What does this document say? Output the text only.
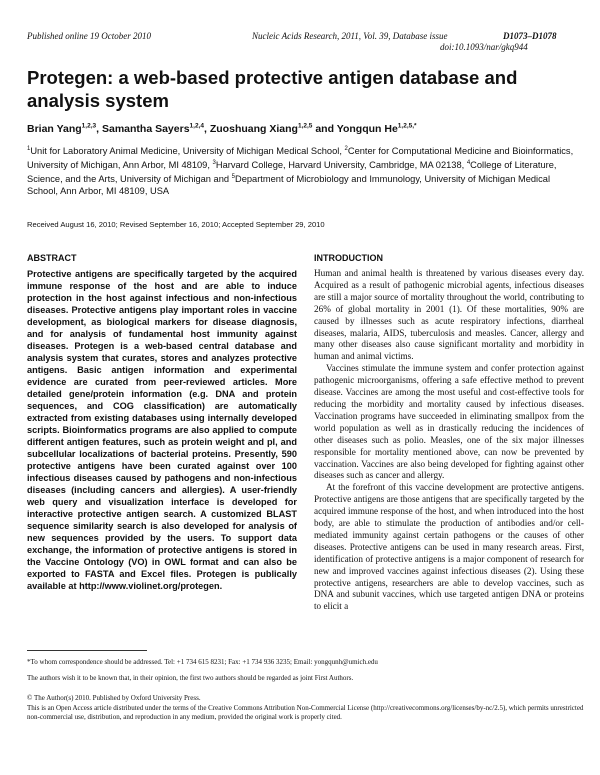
Published online 19 October 2010	Nucleic Acids Research, 2011, Vol. 39, Database issue	D1073–D1078
doi:10.1093/nar/gkq944
Protegen: a web-based protective antigen database and analysis system
Brian Yang$^{1,2,3}$, Samantha Sayers$^{1,2,4}$, Zuoshuang Xiang$^{1,2,5}$ and Yongqun $He^{1,2,5,*}$
$^1$Unit for Laboratory Animal Medicine, University of Michigan Medical School, $^2$Center for Computational Medicine and Bioinformatics, University of Michigan, Ann Arbor, MI 48109, $^3$Harvard College, Harvard University, Cambridge, MA 02138, $^4$College of Literature, Science, and the Arts, University of Michigan and $^5$Department of Microbiology and Immunology, University of Michigan Medical School, Ann Arbor, MI 48109, USA
Received August 16, 2010; Revised September 16, 2010; Accepted September 29, 2010
ABSTRACT
Protective antigens are specifically targeted by the acquired immune response of the host and are able to induce protection in the host against infectious and non-infectious diseases. Protective antigens play important roles in vaccine development, as biological markers for disease diagnosis, and for analysis of fundamental host immunity against diseases. Protegen is a web-based central database and analysis system that curates, stores and analyzes protective antigens. Basic antigen information and experimental evidence are curated from peer-reviewed articles. More detailed gene/protein information (e.g. DNA and protein sequences, and COG classification) are automatically extracted from existing databases using internally developed scripts. Bioinformatics programs are also applied to compute different antigen features, such as protein weight and pI, and subcellular localizations of bacterial proteins. Presently, 590 protective antigens have been curated against over 100 infectious diseases caused by pathogens and non-infectious diseases (including cancers and allergies). A user-friendly web query and visualization interface is developed for interactive protective antigen search. A customized BLAST sequence similarity search is also developed for analysis of new sequences provided by the users. To support data exchange, the information of protective antigens is stored in the Vaccine Ontology (VO) in OWL format and can also be exported to FASTA and Excel files. Protegen is publically available at http://www.violinet.org/protegen.
INTRODUCTION

Human and animal health is threatened by various diseases every day. Acquired as a result of pathogenic microbial agents, infectious diseases are still a major source of mortality throughout the world, contributing to 26% of global mortality in 2001 (1). Of these mortalities, 90% are caused by illnesses such as acute respiratory infections, diarrheal diseases, malaria, AIDS, tuberculosis and measles. Cancer, allergy and many other diseases also cause significant mortality and morbidity in human and animal victims.

Vaccines stimulate the immune system and confer protection against pathogenic microorganisms, offering a safe effective method to prevent disease. Vaccines are among the most useful and cost-effective tools for reducing the morbidity and mortality caused by infectious diseases. Vaccination programs have succeeded in eliminating smallpox from the world population as well as in drastically reducing the incidences of other diseases such as polio. Measles, one of the six major illnesses responsible for mortality mentioned above, can now be prevented by vaccination. Vaccines are also being developed for fighting against other diseases such as cancer and allergy.

At the forefront of this vaccine development are protective antigens. Protective antigens are those antigens that are specifically targeted by the acquired immune response of the host, and when introduced into the host body, are able to stimulate the production of antibodies and/or cell-mediated immunity against certain pathogens or the causes of other diseases. Protective antigens can be used in many research areas. First, identification of protective antigens is a major component of research for new and improved vaccines against infectious diseases (2). Using these protective antigens, researchers are able to develop vaccines, such as DNA and subunit vaccines, which use targeted antigen DNA or proteins to elicit a

*To whom correspondence should be addressed. Tel: +1 734 615 8231; Fax: +1 734 936 3235; Email: yongqunh@umich.edu
The authors wish it to be known that, in their opinion, the first two authors should be regarded as joint First Authors.
© The Author(s) 2010. Published by Oxford University Press.
This is an Open Access article distributed under the terms of the Creative Commons Attribution Non-Commercial License (http://creativecommons.org/licenses/by-nc/2.5), which permits unrestricted non-commercial use, distribution, and reproduction in any medium, provided the original work is properly cited.
